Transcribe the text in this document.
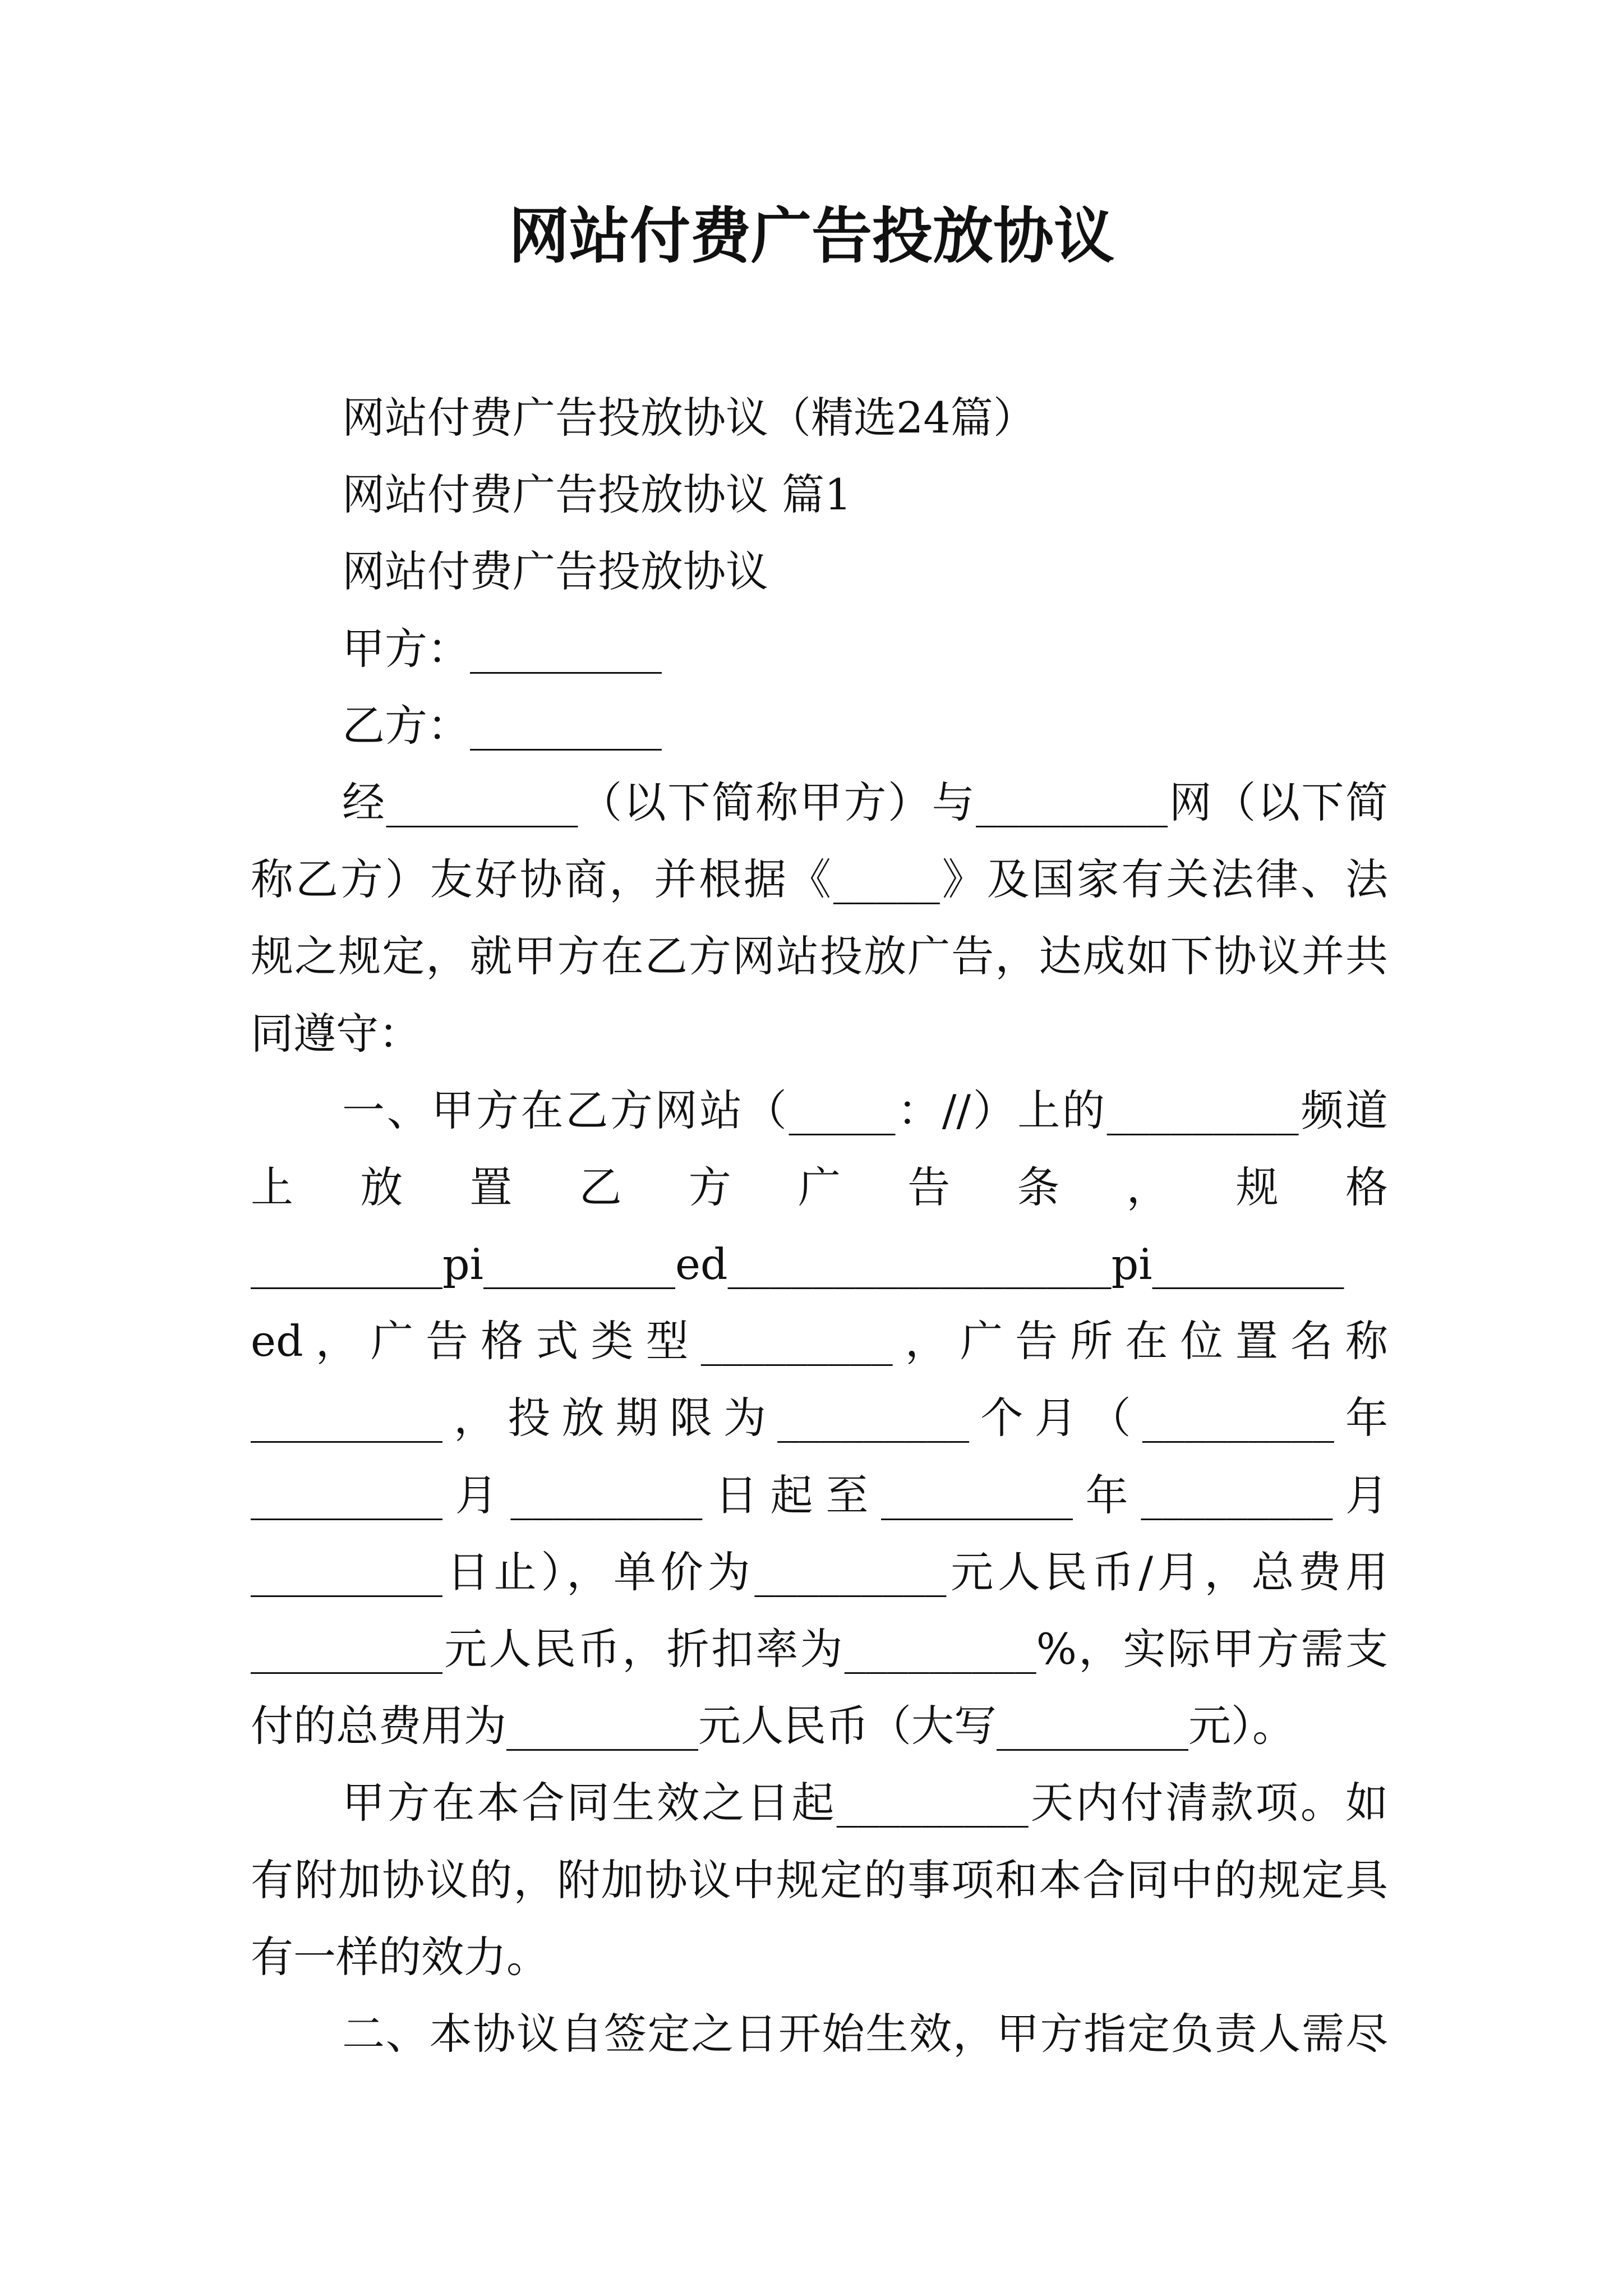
网站付费广告投放协议
网站付费广告投放协议（精选24篇）
网站付费广告投放协议 篇1
网站付费广告投放协议
甲方：_________
乙方：_________
经_________（以下简称甲方）与_________网（以下简
称乙方）友好协商，并根据《_____》及国家有关法律、法
规之规定，就甲方在乙方网站投放广告，达成如下协议并共
同遵守：
一、甲方在乙方网站（_____：//）上的_________频道
上放置乙方广告条，规格
_________pi_________ed__________________pi_________
ed，广告格式类型_________，广告所在位置名称
_________，投放期限为_________个月（_________年
_________月_________日起至_________年_________月
_________日止），单价为_________元人民币/月，总费用
_________元人民币，折扣率为_________%，实际甲方需支
付的总费用为_________元人民币（大写_________元）。
甲方在本合同生效之日起_________天内付清款项。如
有附加协议的，附加协议中规定的事项和本合同中的规定具
有一样的效力。
二、本协议自签定之日开始生效，甲方指定负责人需尽
